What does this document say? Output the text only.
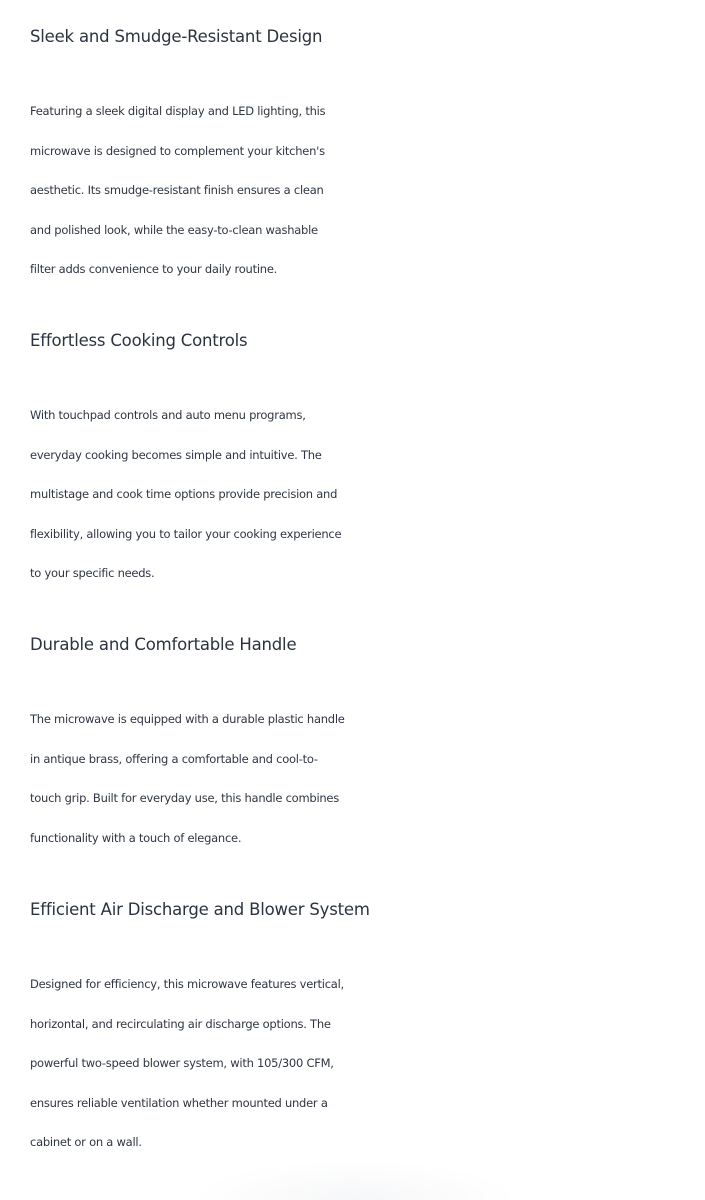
Sleek and Smudge-Resistant Design

Featuring a sleek digital display and LED lighting, this
microwave is designed to complement your kitchen's
aesthetic. Its smudge-resistant finish ensures a clean
and polished look, while the easy-to-clean washable
filter adds convenience to your daily routine.

Effortless Cooking Controls

With touchpad controls and auto menu programs,
everyday cooking becomes simple and intuitive. The
multistage and cook time options provide precision and
flexibility, allowing you to tailor your cooking experience
to your specific needs.

Durable and Comfortable Handle

The microwave is equipped with a durable plastic handle
in antique brass, offering a comfortable and cool-to-
touch grip. Built for everyday use, this handle combines
functionality with a touch of elegance.

Efficient Air Discharge and Blower System

Designed for efficiency, this microwave features vertical,
horizontal, and recirculating air discharge options. The
powerful two-speed blower system, with 105/300 CFM,
ensures reliable ventilation whether mounted under a
cabinet or on a wall.
